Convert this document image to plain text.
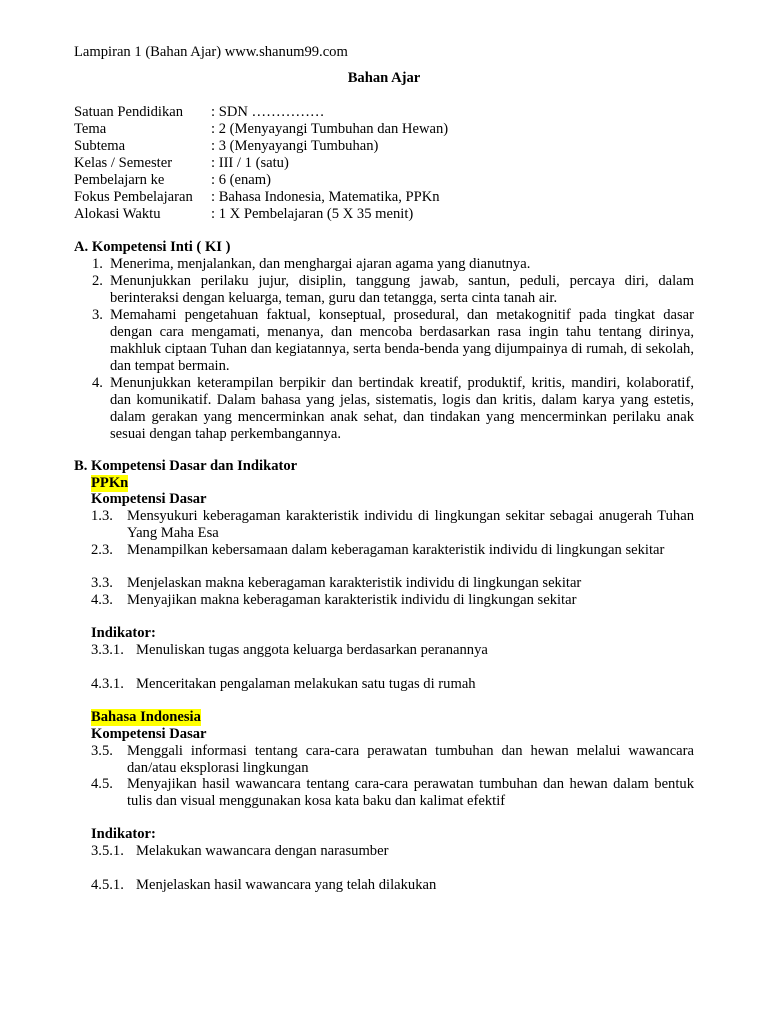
Lampiran 1 (Bahan Ajar) www.shanum99.com
Bahan Ajar
Satuan Pendidikan : SDN ……………
Tema	: 2 (Menyayangi Tumbuhan dan Hewan)
Subtema	: 3 (Menyayangi Tumbuhan)
Kelas / Semester	: III / 1 (satu)
Pembelajarn ke	: 6 (enam)
Fokus Pembelajaran : Bahasa Indonesia, Matematika, PPKn
Alokasi Waktu	: 1 X Pembelajaran (5 X 35 menit)
A. Kompetensi Inti ( KI )
1. Menerima, menjalankan, dan menghargai ajaran agama yang dianutnya.
2. Menunjukkan perilaku jujur, disiplin, tanggung jawab, santun, peduli, percaya diri, dalam berinteraksi dengan keluarga, teman, guru dan tetangga, serta cinta tanah air.
3. Memahami pengetahuan faktual, konseptual, prosedural, dan metakognitif pada tingkat dasar dengan cara mengamati, menanya, dan mencoba berdasarkan rasa ingin tahu tentang dirinya, makhluk ciptaan Tuhan dan kegiatannya, serta benda-benda yang dijumpainya di rumah, di sekolah, dan tempat bermain.
4. Menunjukkan keterampilan berpikir dan bertindak kreatif, produktif, kritis, mandiri, kolaboratif, dan komunikatif. Dalam bahasa yang jelas, sistematis, logis dan kritis, dalam karya yang estetis, dalam gerakan yang mencerminkan anak sehat, dan tindakan yang mencerminkan perilaku anak sesuai dengan tahap perkembangannya.
B. Kompetensi Dasar dan Indikator
PPKn
Kompetensi Dasar
1.3. Mensyukuri keberagaman karakteristik individu di lingkungan sekitar sebagai anugerah Tuhan Yang Maha Esa
2.3. Menampilkan kebersamaan dalam keberagaman karakteristik individu di lingkungan sekitar
3.3. Menjelaskan makna keberagaman karakteristik individu di lingkungan sekitar
4.3. Menyajikan makna keberagaman karakteristik individu di lingkungan sekitar
Indikator:
3.3.1. Menuliskan tugas anggota keluarga berdasarkan peranannya
4.3.1. Menceritakan pengalaman melakukan satu tugas di rumah
Bahasa Indonesia
Kompetensi Dasar
3.5. Menggali informasi tentang cara-cara perawatan tumbuhan dan hewan melalui wawancara dan/atau eksplorasi lingkungan
4.5. Menyajikan hasil wawancara tentang cara-cara perawatan tumbuhan dan hewan dalam bentuk tulis dan visual menggunakan kosa kata baku dan kalimat efektif
Indikator:
3.5.1. Melakukan wawancara dengan narasumber
4.5.1. Menjelaskan hasil wawancara yang telah dilakukan
